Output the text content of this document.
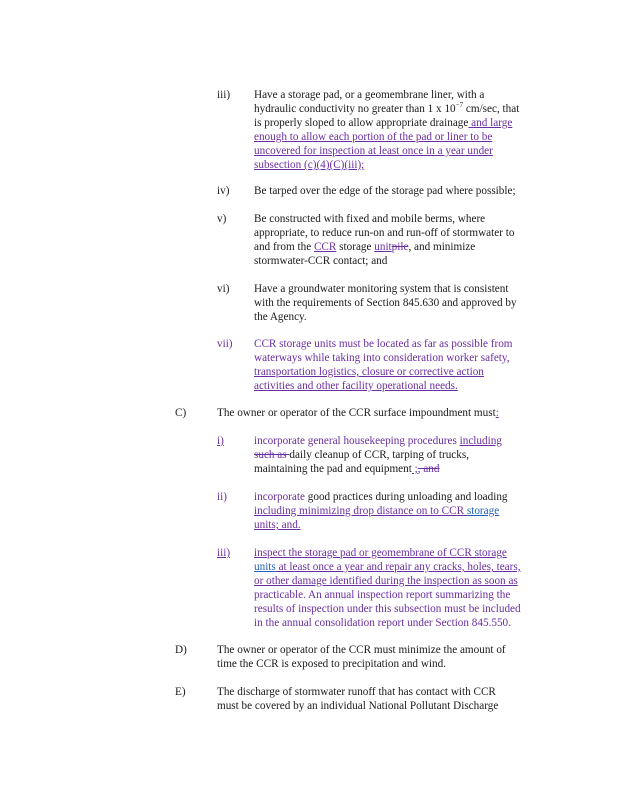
iii) Have a storage pad, or a geomembrane liner, with a
hydraulic conductivity no greater than 1 x $10^{-7}$ cm/sec, that
is properly sloped to allow appropriate drainage and large
enough to allow each portion of the pad or liner to be
uncovered for inspection at least once in a year under
subsection (c)(4)(C)(iii);
iv) Be tarped over the edge of the storage pad where possible;
v) Be constructed with fixed and mobile berms, where
appropriate, to reduce run-on and run-off of stormwater to
and from the CCR storage unitpile, and minimize
stormwater-CCR contact; and
vi) Have a groundwater monitoring system that is consistent
with the requirements of Section 845.630 and approved by
the Agency.
vii) CCR storage units must be located as far as possible from
waterways while taking into consideration worker safety,
transportation logistics, closure or corrective action
activities and other facility operational needs.
C)	The owner or operator of the CCR surface impoundment must:
i)	incorporate general housekeeping procedures including
such as daily cleanup of CCR, tarping of trucks,
maintaining the pad and equipment ;, and
ii) incorporate good practices during unloading and loading
including minimizing drop distance on to CCR storage
units; and.
iii) inspect the storage pad or geomembrane of CCR storage
units at least once a year and repair any cracks, holes, tears,
or other damage identified during the inspection as soon as
practicable. An annual inspection report summarizing the
results of inspection under this subsection must be included
in the annual consolidation report under Section 845.550.
D)	The owner or operator of the CCR must minimize the amount of
time the CCR is exposed to precipitation and wind.
E)	The discharge of stormwater runoff that has contact with CCR
must be covered by an individual National Pollutant Discharge
